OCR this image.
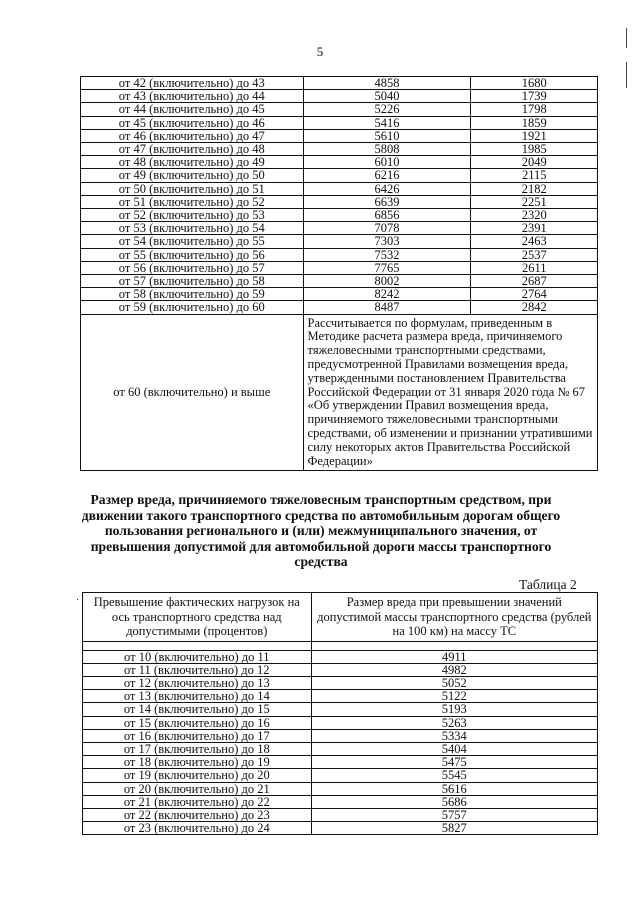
5
от 42 (включительно) до 43	4858	1680
от 43 (включительно) до 44	5040	1739
от 44 (включительно) до 45	5226	1798
от 45 (включительно) до 46	5416	1859
от 46 (включительно) до 47	5610	1921
от 47 (включительно) до 48	5808	1985
от 48 (включительно) до 49	6010	2049
от 49 (включительно) до 50	6216	2115
от 50 (включительно) до 51	6426	2182
от 51 (включительно) до 52	6639	2251
от 52 (включительно) до 53	6856	2320
от 53 (включительно) до 54	7078	2391
от 54 (включительно) до 55	7303	2463
от 55 (включительно) до 56	7532	2537
от 56 (включительно) до 57	7765	2611
от 57 (включительно) до 58	8002	2687
от 58 (включительно) до 59	8242	2764
от 59 (включительно) до 60	8487	2842
от 60 (включительно) и выше	Рассчитывается по формулам, приведенным в Методике расчета размера вреда, причиняемого тяжеловесными транспортными средствами, предусмотренной Правилами возмещения вреда, утвержденными постановлением Правительства Российской Федерации от 31 января 2020 года № 67 «Об утверждении Правил возмещения вреда, причиняемого тяжеловесными транспортными средствами, об изменении и признании утратившими силу некоторых актов Правительства Российской Федерации»	
Размер вреда, причиняемого тяжеловесным транспортным средством, при движении такого транспортного средства по автомобильным дорогам общего пользования регионального и (или) межмуниципального значения, от превышения допустимой для автомобильной дороги массы транспортного средства
Таблица 2
· Превышение фактических нагрузок на ось транспортного средства над допустимыми (процентов)	Размер вреда при превышении значений допустимой массы транспортного средства (рублей на 100 км) на массу ТС

от 10 (включительно) до 11	4911
от 11 (включительно) до 12	4982
от 12 (включительно) до 13	5052
от 13 (включительно) до 14	5122
от 14 (включительно) до 15	5193
от 15 (включительно) до 16	5263
от 16 (включительно) до 17	5334
от 17 (включительно) до 18	5404
от 18 (включительно) до 19	5475
от 19 (включительно) до 20	5545
от 20 (включительно) до 21	5616
от 21 (включительно) до 22	5686
от 22 (включительно) до 23	5757
от 23 (включительно) до 24	5827
